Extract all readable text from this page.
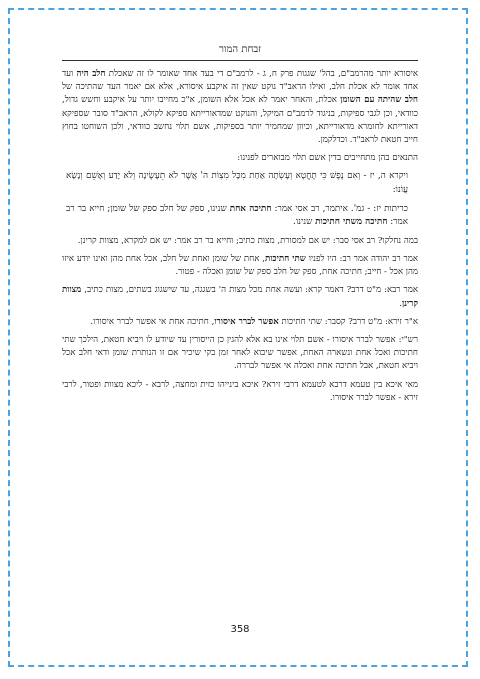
זבחת המור

איסורא יותר מהרמב"ם, בהל' שגגות פרק ח, ג - לרמב"ם די בעד אחד שאומר לו זה שאכלת חלב היה ועד אחד אומר לא אכלת חלב, ואילו הראב"ד נוקט שאין זה איקבע איסורא, אלא אם יאמר העד שהתיכה של חלב שהיתה עם השומן אכלת, והאחר יאמר לא אכל אלא השומן, א"כ מחייבו יותר על איקבע וחשש גדול, כוודאי, וכן לגבי ספיקות, בניגוד לרמב"ם המיקל, והנוקט שמדאורייתא ספיקא לקולא, הראב"ד סובר שספיקא דאורייתא לחומרא מדאורייתא, וכיוון שמחמיר יותר בספיקות, אשם תלוי נחשב כוודאי, ולכן השוחטו בחוץ חייב חטאת לראב"ד. וכדלקמן.

התנאים בהן מתחייבים בדין אשם תלוי מבוארים לפנינו:

ויקרא ה, יז - וְאִם נֶפֶשׁ כִּי תֶחֱטָא וְעָשְׂתָה אַחַת מִכָּל מִצְוֹת ה' אֲשֶׁר לֹא תֵעָשֶׂינָה וְלֹא יָדַע וְאָשֵׁם וְנָשָׂא עֲוֹנוֹ:

כריתות יז: - גמ'. איתמר, רב אסי אמר: חתיכה אחת שנינו, ספק של חלב ספק של שומן; חייא בר רב אמר: חתיכה משתי חתיכות שנינו.

במה נחלקו? רב אסי סבר: יש אם למסורת, מצות כתיב; וחייא בר רב אמר: יש אם למקרא, מצוות קרינן.

אמר רב יהודה אמר רב: היו לפניו שתי חתיכות, אחת של שומן ואחת של חלב, אכל אחת מהן ואינו יודע איזו מהן אכל - חייב; חתיכה אחת, ספק של חלב ספק של שומן ואכלה - פטור.

אמר רבא: מ"ט דרב? דאמר קרא: ועשה אחת מכל מצות ה' בשגגה, עד שישגוג בשתים, מצות כתיב, מצוות קרינן.

א"ר זירא: מ"ט דרב? קסבר: שתי חתיכות אפשר לברר איסורו, חתיכה אחת אי אפשר לברר איסורו.

רש"י: אפשר לברר איסורו - אשם תלוי אינו בא אלא להגין כן הייסורין עד שיודע לו ויביא חטאת, הילכך שתי חתיכות ואכל אחת ונשארה האחת, אפשר שיבוא לאחר זמן בקי שיכיר אם זו הנותרת שומן ודאי חלב אכל ויביא חטאת, אבל חתיכה אחת ואכלה אי אפשר לבררה.

מאי איכא בין טעמא דרבא לטעמא דרבי זירא? איכא בינייהו כזית ומחצה, לרבא - ליכא מצוות ופטור, לרבי זירא - אפשר לברר איסורו.

358
